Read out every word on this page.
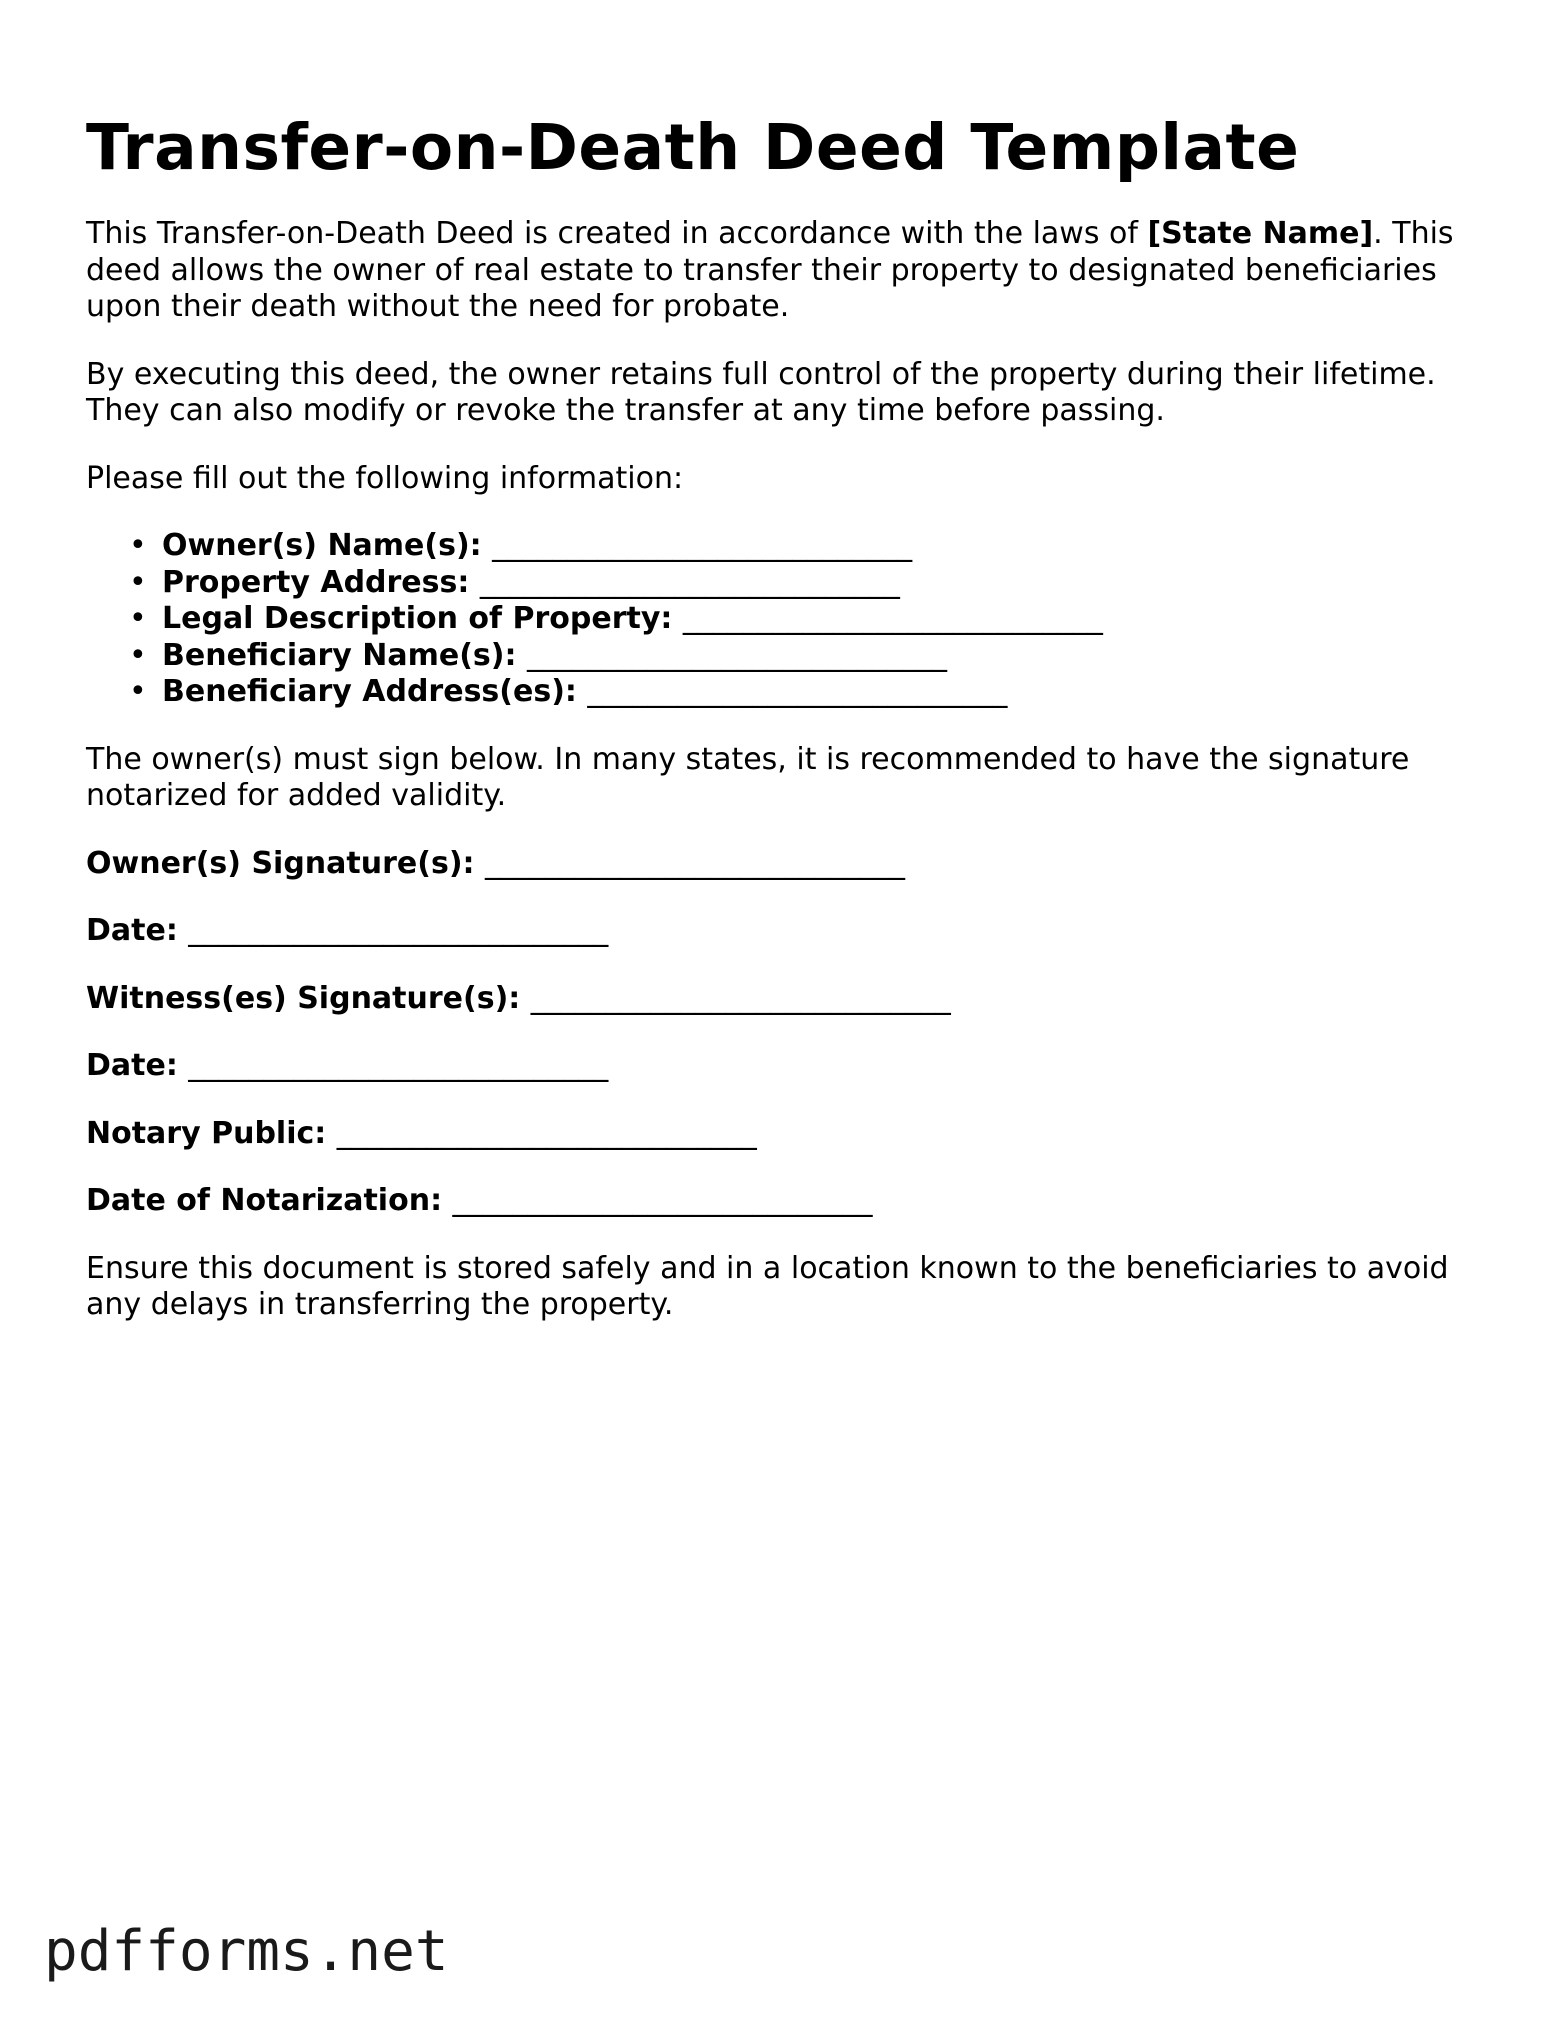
Transfer-on-Death Deed Template

This Transfer-on-Death Deed is created in accordance with the laws of [State Name]. This deed allows the owner of real estate to transfer their property to designated beneficiaries upon their death without the need for probate.

By executing this deed, the owner retains full control of the property during their lifetime. They can also modify or revoke the transfer at any time before passing.

Please fill out the following information:

• Owner(s) Name(s): ____________________________
• Property Address: ____________________________
• Legal Description of Property: ____________________________
• Beneficiary Name(s): ____________________________
• Beneficiary Address(es): ____________________________

The owner(s) must sign below. In many states, it is recommended to have the signature notarized for added validity.

Owner(s) Signature(s): ____________________________
Date: ____________________________
Witness(es) Signature(s): ____________________________
Date: ____________________________
Notary Public: ____________________________
Date of Notarization: ____________________________

Ensure this document is stored safely and in a location known to the beneficiaries to avoid any delays in transferring the property.

pdfforms.net
